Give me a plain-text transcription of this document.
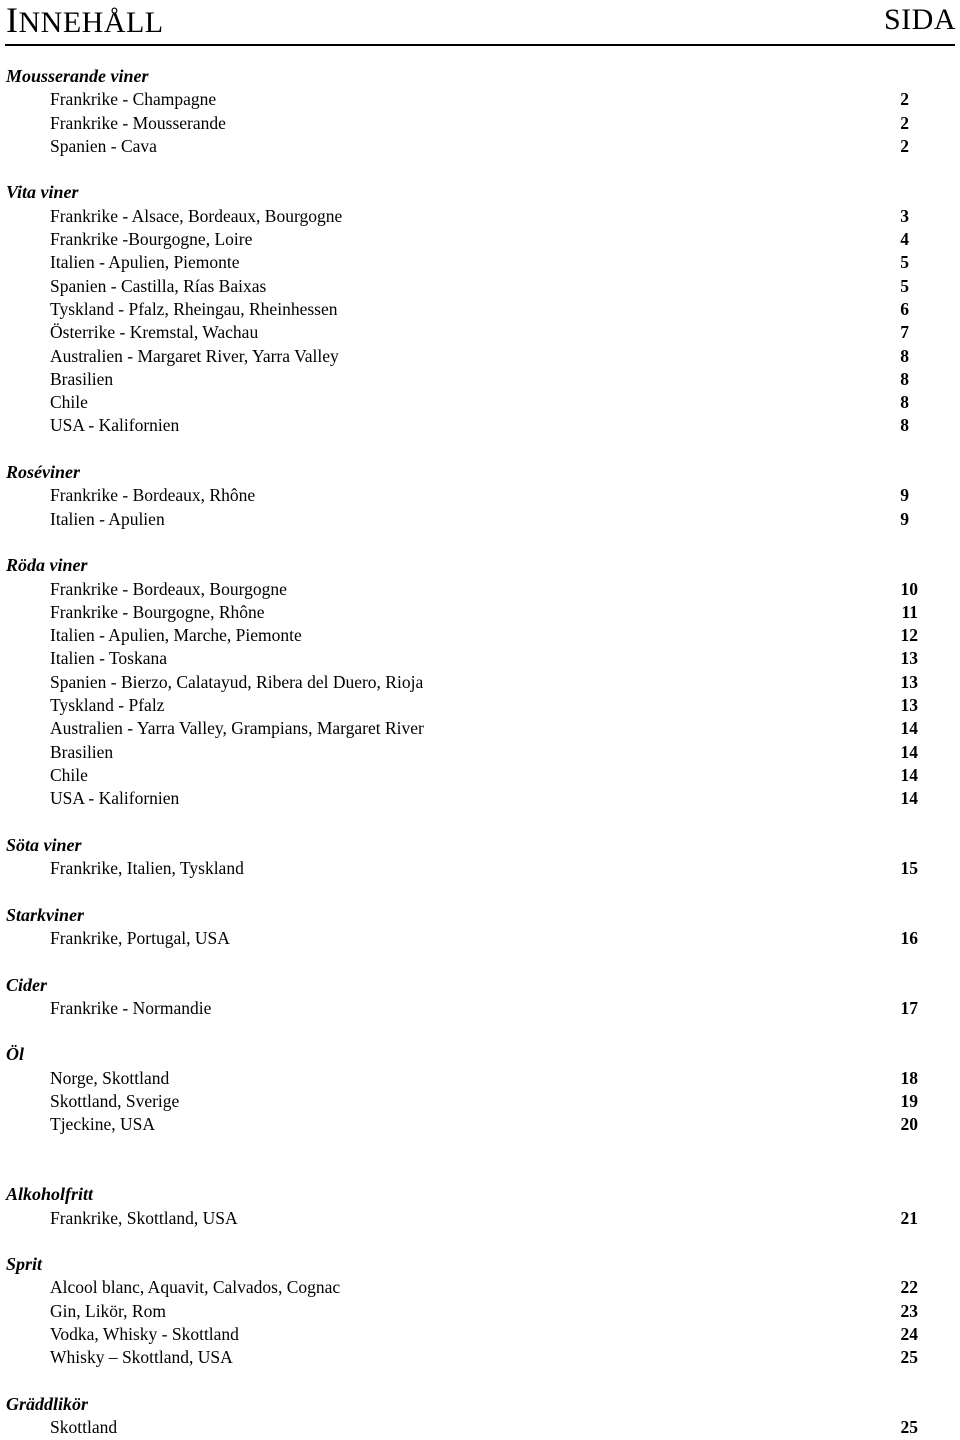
INNEHÅLL	SIDA
Mousserande viner
Frankrike - Champagne	2
Frankrike - Mousserande	2
Spanien - Cava	2
Vita viner
Frankrike - Alsace, Bordeaux, Bourgogne	3
Frankrike -Bourgogne, Loire	4
Italien - Apulien, Piemonte	5
Spanien - Castilla, Rías Baixas	5
Tyskland - Pfalz, Rheingau, Rheinhessen	6
Österrike - Kremstal, Wachau	7
Australien - Margaret River, Yarra Valley	8
Brasilien	8
Chile	8
USA - Kalifornien	8
Roséviner
Frankrike - Bordeaux, Rhône	9
Italien - Apulien	9
Röda viner
Frankrike - Bordeaux, Bourgogne	10
Frankrike - Bourgogne, Rhône	11
Italien - Apulien, Marche, Piemonte	12
Italien - Toskana	13
Spanien - Bierzo, Calatayud, Ribera del Duero, Rioja	13
Tyskland - Pfalz	13
Australien - Yarra Valley, Grampians, Margaret River	14
Brasilien	14
Chile	14
USA - Kalifornien	14
Söta viner
Frankrike, Italien, Tyskland	15
Starkviner
Frankrike, Portugal, USA	16
Cider
Frankrike - Normandie	17
Öl
Norge, Skottland	18
Skottland, Sverige	19
Tjeckine, USA	20
Alkoholfritt
Frankrike, Skottland, USA	21
Sprit
Alcool blanc, Aquavit, Calvados, Cognac	22
Gin, Likör, Rom	23
Vodka, Whisky - Skottland	24
Whisky – Skottland, USA	25
Gräddlikör
Skottland	25
